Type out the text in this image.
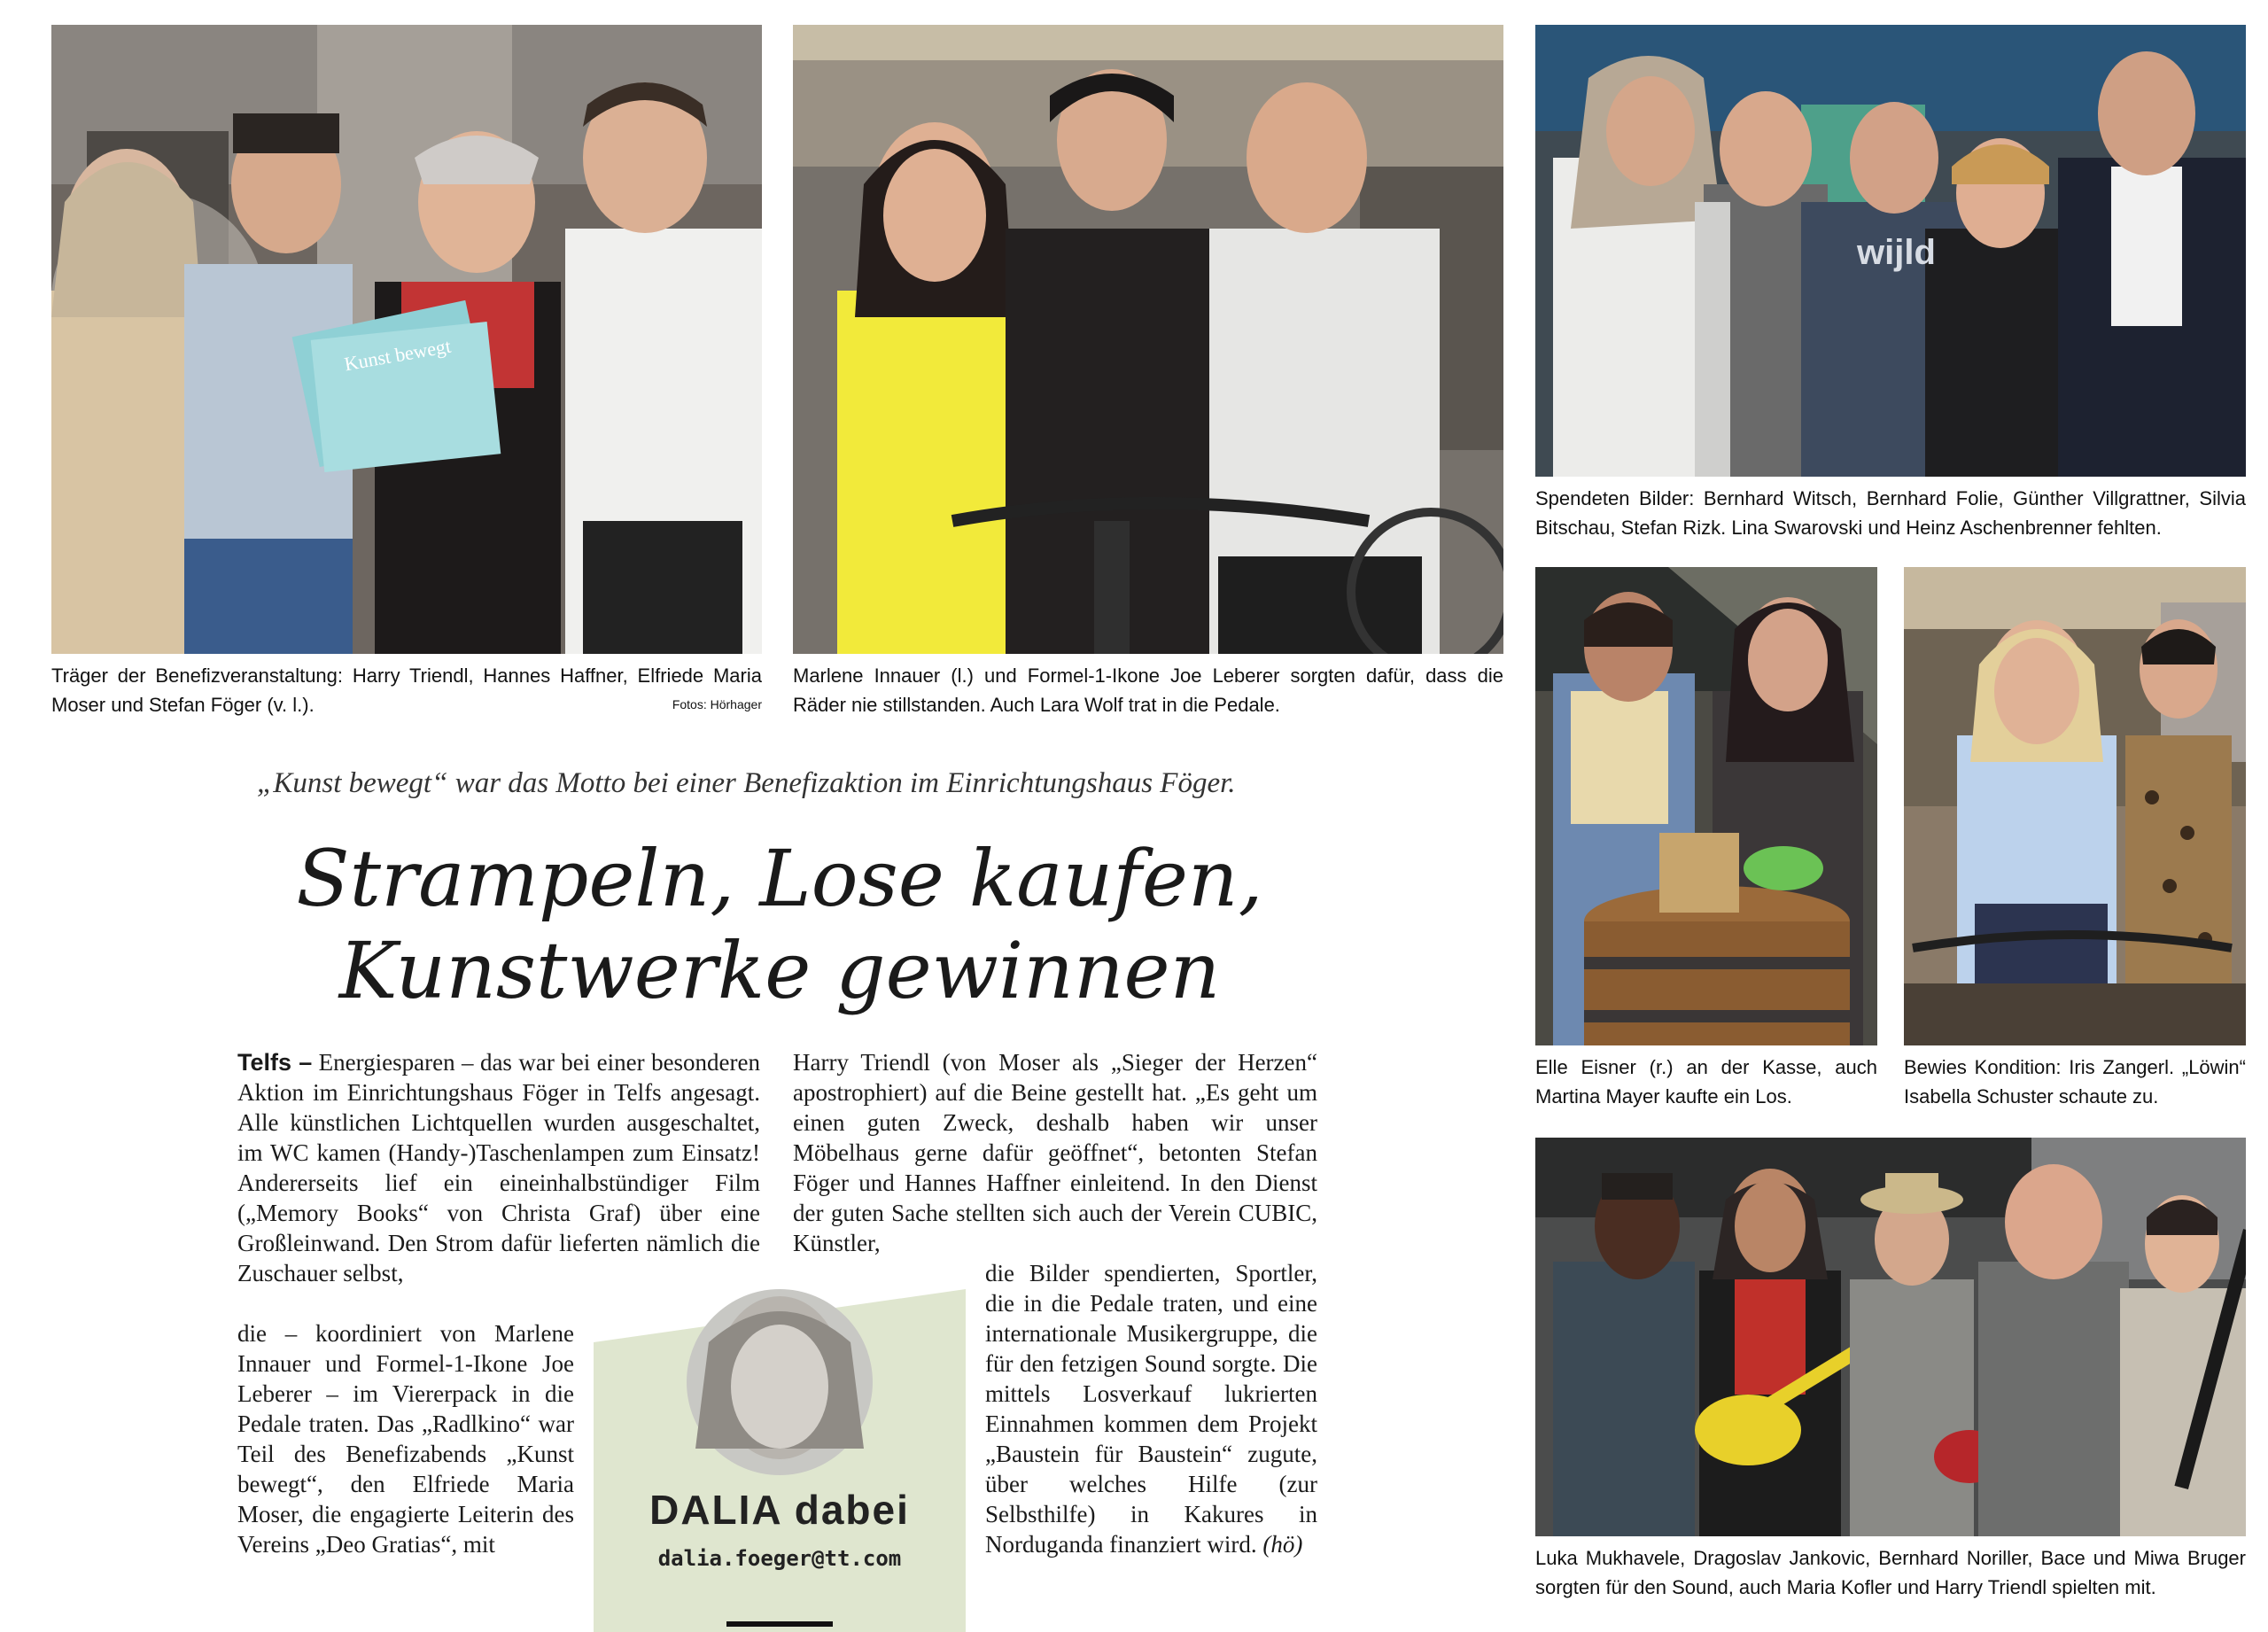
Kunst bewegt
Träger der Benefizveranstaltung: Harry Triendl, Hannes Haffner, Elfriede Maria Moser und Stefan Föger (v. l.).	Fotos: Hörhager
Marlene Innauer (l.) und Formel-1-Ikone Joe Leberer sorgten dafür, dass die Räder nie stillstanden. Auch Lara Wolf trat in die Pedale.
wijld
Spendeten Bilder: Bernhard Witsch, Bernhard Folie, Günther Villgrattner, Silvia Bitschau, Stefan Rizk. Lina Swarovski und Heinz Aschenbrenner fehlten.
Elle Eisner (r.) an der Kasse, auch Martina Mayer kaufte ein Los.
Bewies Kondition: Iris Zangerl. „Löwin“ Isabella Schuster schaute zu.
Luka Mukhavele, Dragoslav Jankovic, Bernhard Noriller, Bace und Miwa Bruger sorgten für den Sound, auch Maria Kofler und Harry Triendl spielten mit.
„Kunst bewegt“ war das Motto bei einer Benefizaktion im Einrichtungshaus Föger.
Strampeln, Lose kaufen,
Kunstwerke gewinnen

Telfs – Energiesparen – das war bei einer besonderen Aktion im Einrichtungshaus Föger in Telfs angesagt. Alle künstlichen Lichtquellen wurden ausgeschaltet, im WC kamen (Handy-)Taschenlampen zum Einsatz! Andererseits lief ein eineinhalbstündiger Film („Memory Books“ von Christa Graf) über eine Großleinwand. Den Strom dafür lieferten nämlich die Zuschauer selbst,

die – koordiniert von Marlene Innauer und Formel-1-Ikone Joe Leberer – im Viererpack in die Pedale traten. Das „Radlkino“ war Teil des Benefizabends „Kunst bewegt“, den Elfriede Maria Moser, die engagierte Leiterin des Vereins „Deo Gratias“, mit

Harry Triendl (von Moser als „Sieger der Herzen“ apostrophiert) auf die Beine gestellt hat. „Es geht um einen guten Zweck, deshalb haben wir unser Möbelhaus gerne dafür geöffnet“, betonten Stefan Föger und Hannes Haffner einleitend. In den Dienst der guten Sache stellten sich auch der Verein CUBIC, Künstler,

die Bilder spendierten, Sportler, die in die Pedale traten, und eine internationale Musikergruppe, die für den fetzigen Sound sorgte. Die mittels Losverkauf lukrierten Einnahmen kommen dem Projekt „Baustein für Baustein“ zugute, über welches Hilfe (zur Selbsthilfe) in Kakures in Norduganda finanziert wird. (hö)

DALIA dabei
dalia.foeger@tt.com
